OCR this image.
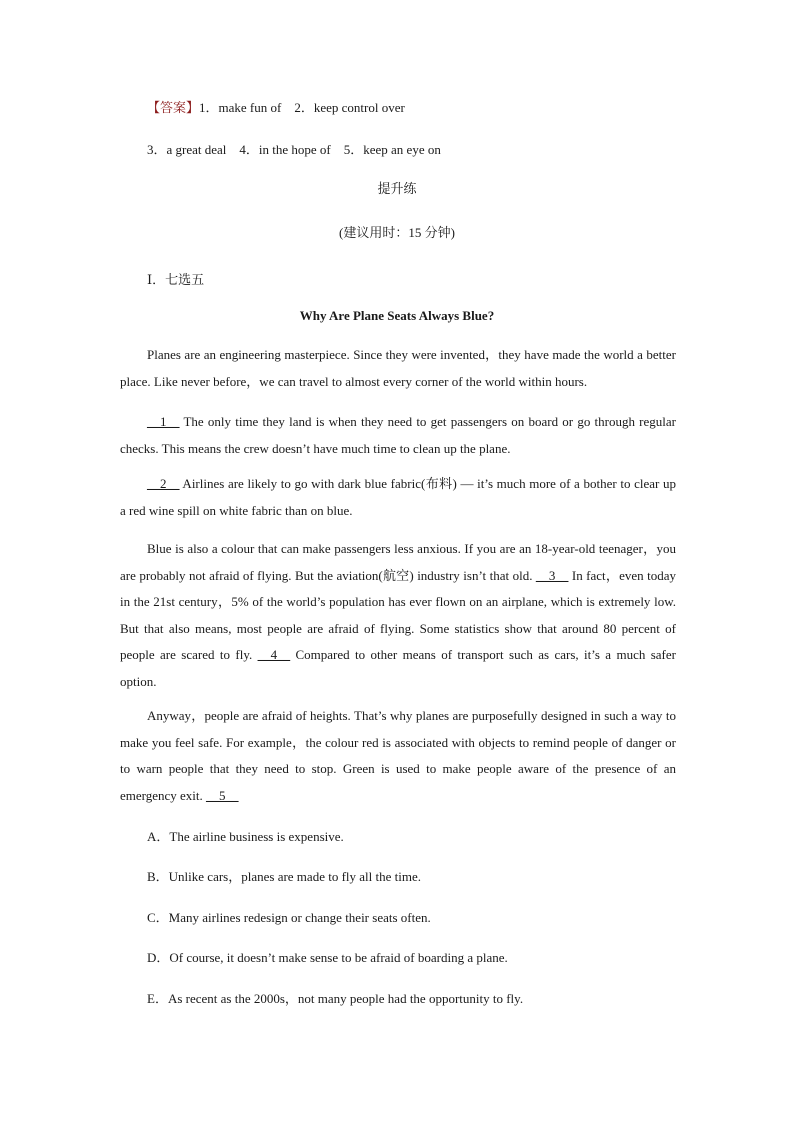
【答案】1．make fun of　2．keep control over
3．a great deal　4．in the hope of　5．keep an eye on
提升练
(建议用时：15 分钟)
Ⅰ．七选五
Why Are Plane Seats Always Blue?

Planes are an engineering masterpiece. Since they were invented，they have made the world a better place. Like never before，we can travel to almost every corner of the world within hours.

__1__ The only time they land is when they need to get passengers on board or go through regular checks. This means the crew doesn’t have much time to clean up the plane.

__2__ Airlines are likely to go with dark blue fabric(布料) — it’s much more of a bother to clear up a red wine spill on white fabric than on blue.

Blue is also a colour that can make passengers less anxious. If you are an 18-year-old teenager，you are probably not afraid of flying. But the aviation(航空) industry isn’t that old. __3__ In fact，even today in the 21st century，5% of the world’s population has ever flown on an airplane, which is extremely low. But that also means, most people are afraid of flying. Some statistics show that around 80 percent of people are scared to fly. __4__ Compared to other means of transport such as cars, it’s a much safer option.

Anyway，people are afraid of heights. That’s why planes are purposefully designed in such a way to make you feel safe. For example，the colour red is associated with objects to remind people of danger or to warn people that they need to stop. Green is used to make people aware of the presence of an emergency exit. __5__

A．The airline business is expensive.
B．Unlike cars，planes are made to fly all the time.
C．Many airlines redesign or change their seats often.
D．Of course, it doesn’t make sense to be afraid of boarding a plane.
E．As recent as the 2000s，not many people had the opportunity to fly.
